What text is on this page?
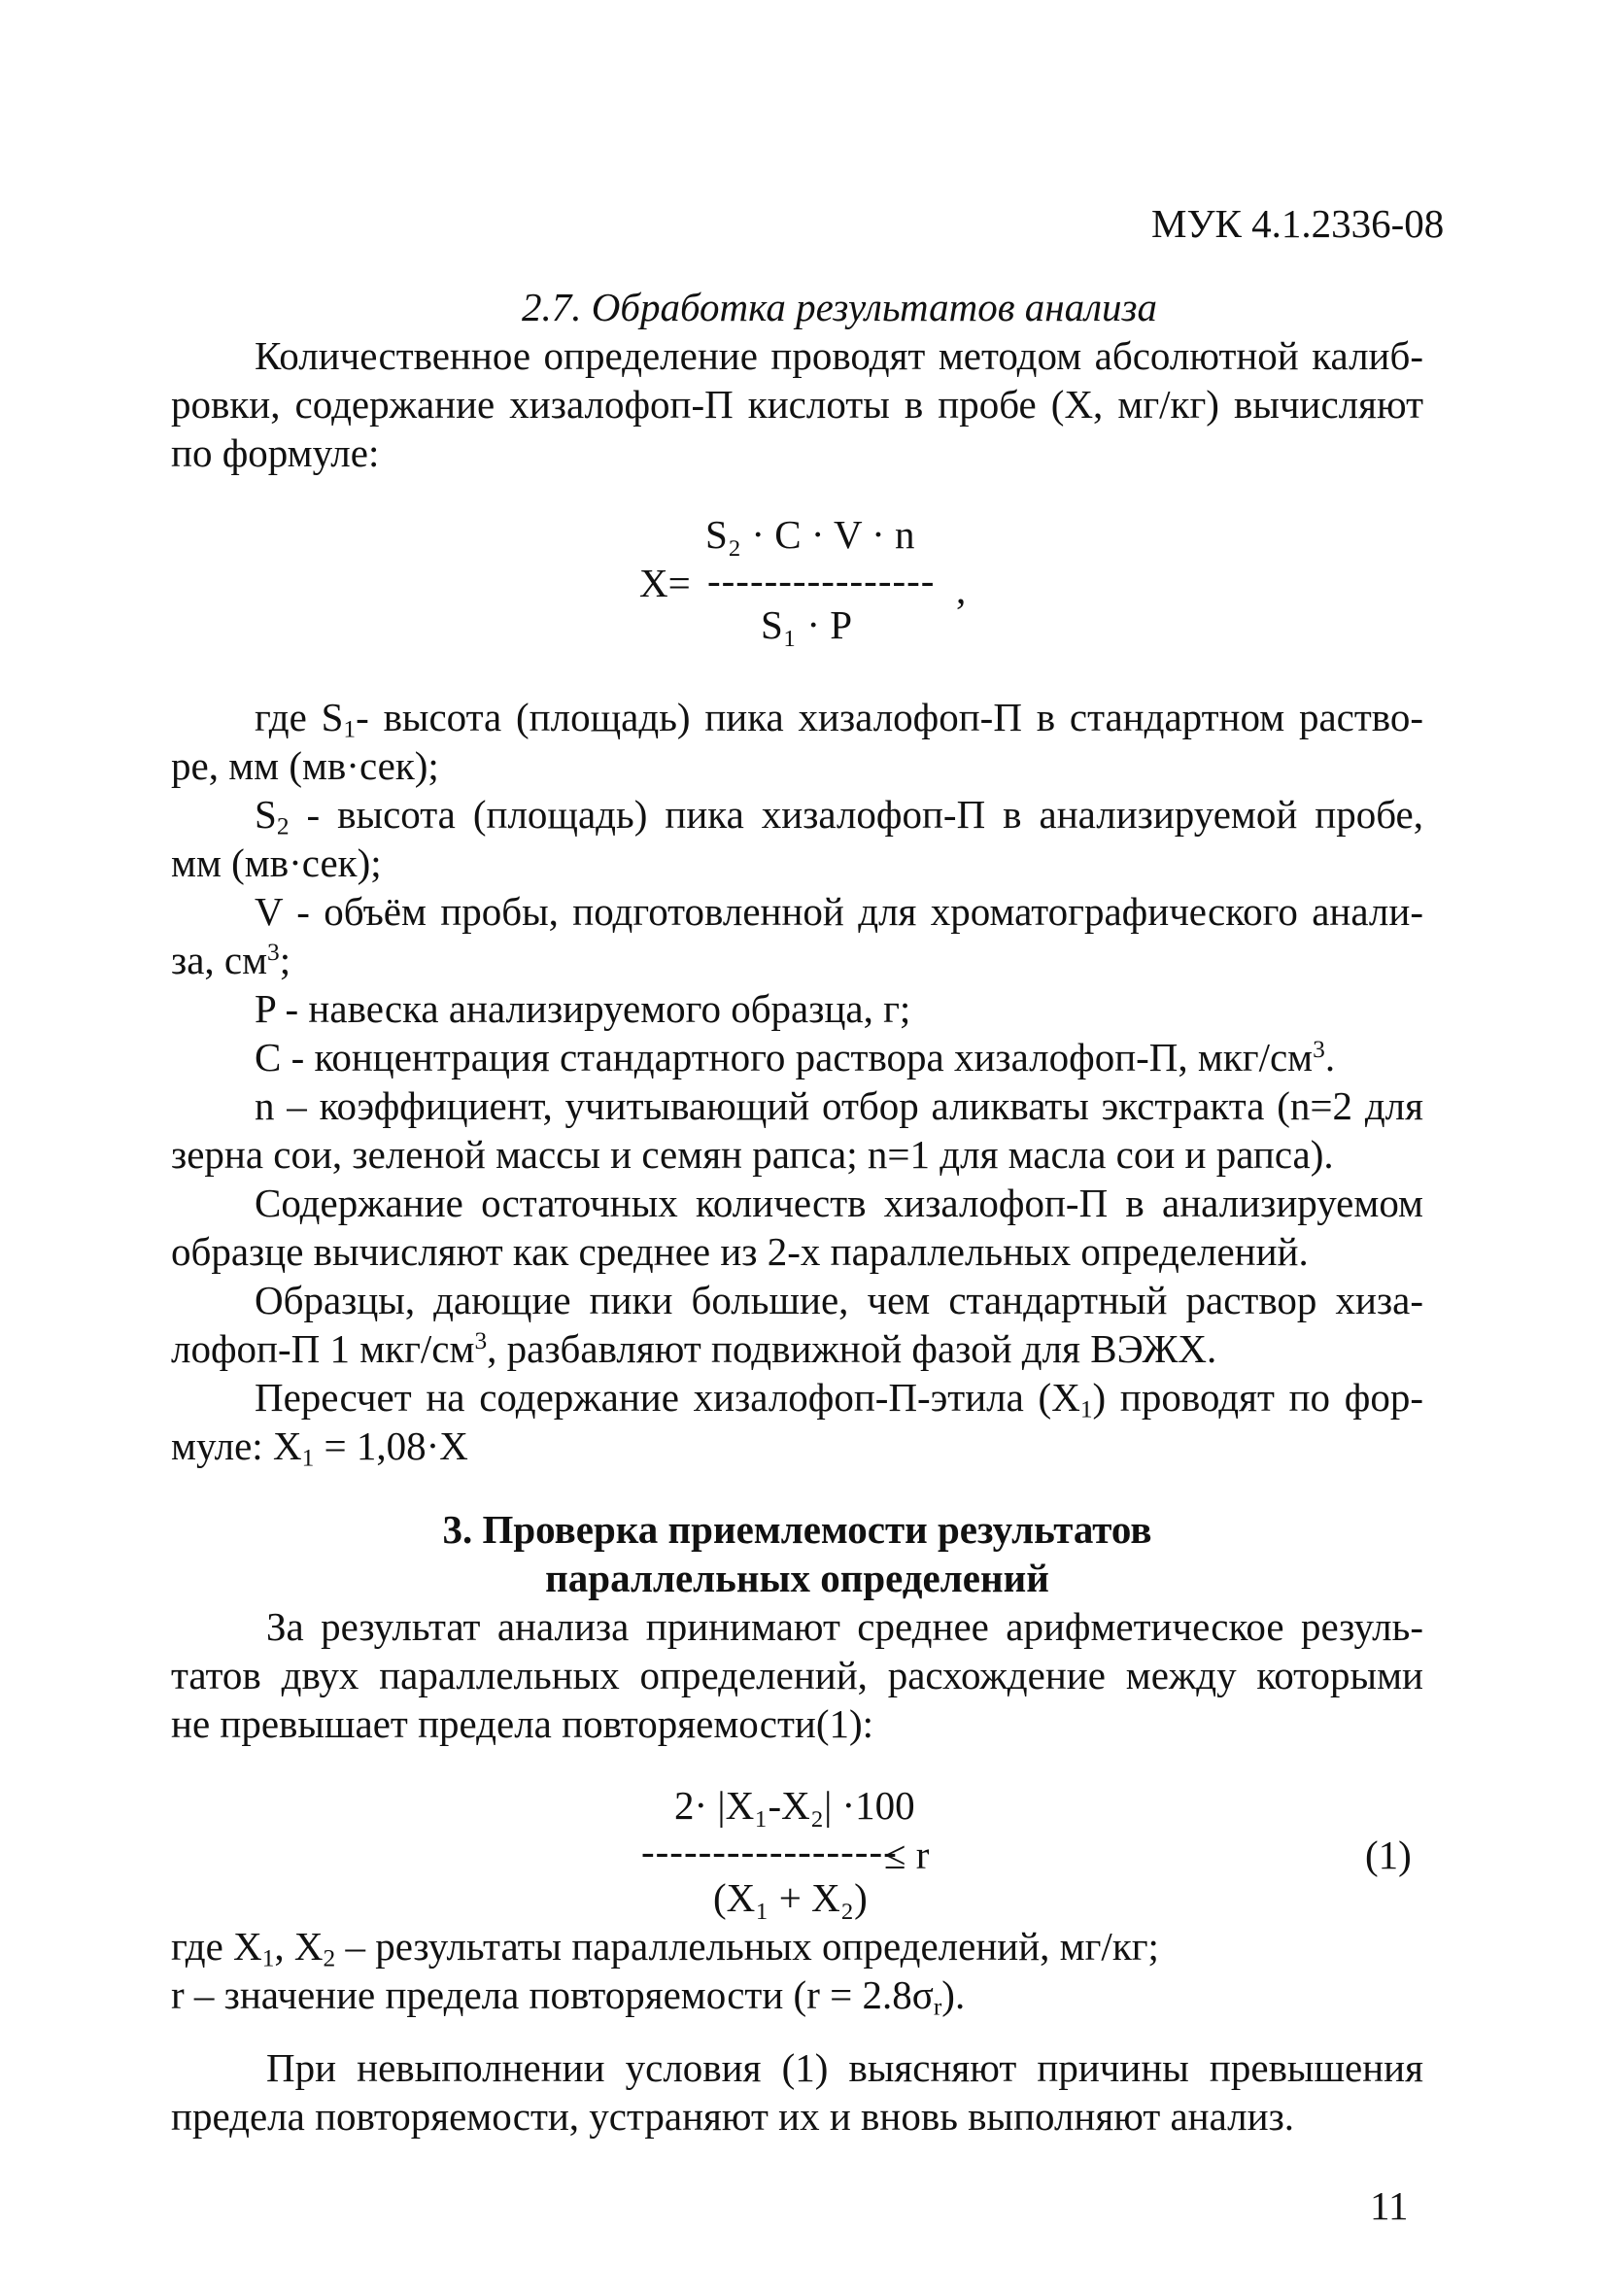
МУК 4.1.2336-08
2.7. Обработка результатов анализа
Количественное определение проводят методом абсолютной калиб-
ровки, содержание хизалофоп-П кислоты в пробе (X, мг/кг) вычисляют
по формуле:
S₂ · C · V · n
X= ---------------- ,
S₁ · P
где $S_1-$ высота (площадь) пика хизалофоп-П в стандартном раство-
ре, мм (мв·сек);
$S_2$ - высота (площадь) пика хизалофоп-П в анализируемой пробе,
мм (мв·сек);
V - объём пробы, подготовленной для хроматографического анали-
за, $см^3$;
P - навеска анализируемого образца, г;
С - концентрация стандартного раствора хизалофоп-П, мкг/$см^3$.
n – коэффициент, учитывающий отбор аликваты экстракта (n=2 для
зерна сои, зеленой массы и семян рапса; n=1 для масла сои и рапса).
Содержание остаточных количеств хизалофоп-П в анализируемом
образце вычисляют как среднее из 2-х параллельных определений.
Образцы, дающие пики большие, чем стандартный раствор хиза-
лофоп-П 1 мкг/$см^3$, разбавляют подвижной фазой для ВЭЖХ.
Пересчет на содержание хизалофоп-П-этила $(X_1)$ проводят по фор-
муле: $X_1 = 1,08\cdot X$
3. Проверка приемлемости результатов
параллельных определений
За результат анализа принимают среднее арифметическое резуль-
татов двух параллельных определений, расхождение между которыми
не превышает предела повторяемости(1):
2· |X₁-X₂| ·100
------------------
≤ r
(X₁ + X₂)
(1)
где $X_1$, $X_2$ – результаты параллельных определений, мг/кг;
r – значение предела повторяемости $(r = 2.8\sigma_r)$.
При невыполнении условия (1) выясняют причины превышения
предела повторяемости, устраняют их и вновь выполняют анализ.
11
